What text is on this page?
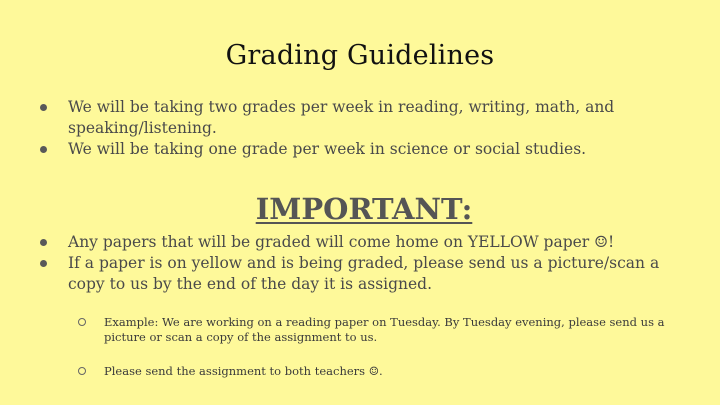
Grading Guidelines
We will be taking two grades per week in reading, writing, math, and speaking/listening.
We will be taking one grade per week in science or social studies.
IMPORTANT:
Any papers that will be graded will come home on YELLOW paper ☺!
If a paper is on yellow and is being graded, please send us a picture/scan a copy to us by the end of the day it is assigned.
Example: We are working on a reading paper on Tuesday. By Tuesday evening, please send us a picture or scan a copy of the assignment to us.
Please send the assignment to both teachers ☺.
